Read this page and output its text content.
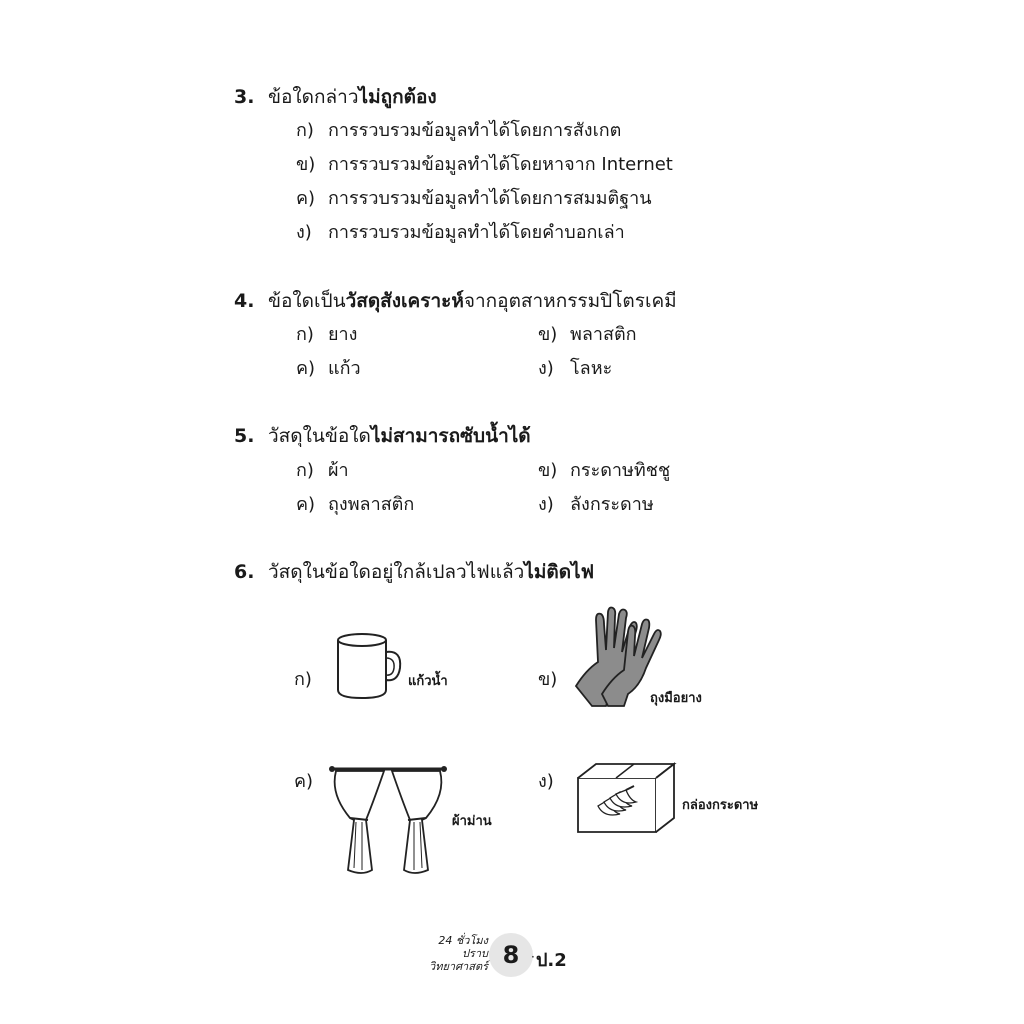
3. ข้อใดกล่าวไม่ถูกต้อง
ก) การรวบรวมข้อมูลทำได้โดยการสังเกต
ข) การรวบรวมข้อมูลทำได้โดยหาจาก Internet
ค) การรวบรวมข้อมูลทำได้โดยการสมมติฐาน
ง) การรวบรวมข้อมูลทำได้โดยคำบอกเล่า
4. ข้อใดเป็นวัสดุสังเคราะห์จากอุตสาหกรรมปิโตรเคมี
ก) ยาง	ข) พลาสติก
ค) แก้ว	ง) โลหะ
5. วัสดุในข้อใดไม่สามารถซับน้ำได้
ก) ผ้า	ข) กระดาษทิชชู
ค) ถุงพลาสติก	ง) ลังกระดาษ
6. วัสดุในข้อใดอยู่ใกล้เปลวไฟแล้วไม่ติดไฟ
ก)	แก้วน้ำ	ข)
ถุงมือยาง
ค)
ผ้าม่าน
ง)
กล่องกระดาษ
24 ชั่วโมง
ปราบ
วิทยาศาสตร์ 8 · ป.2
